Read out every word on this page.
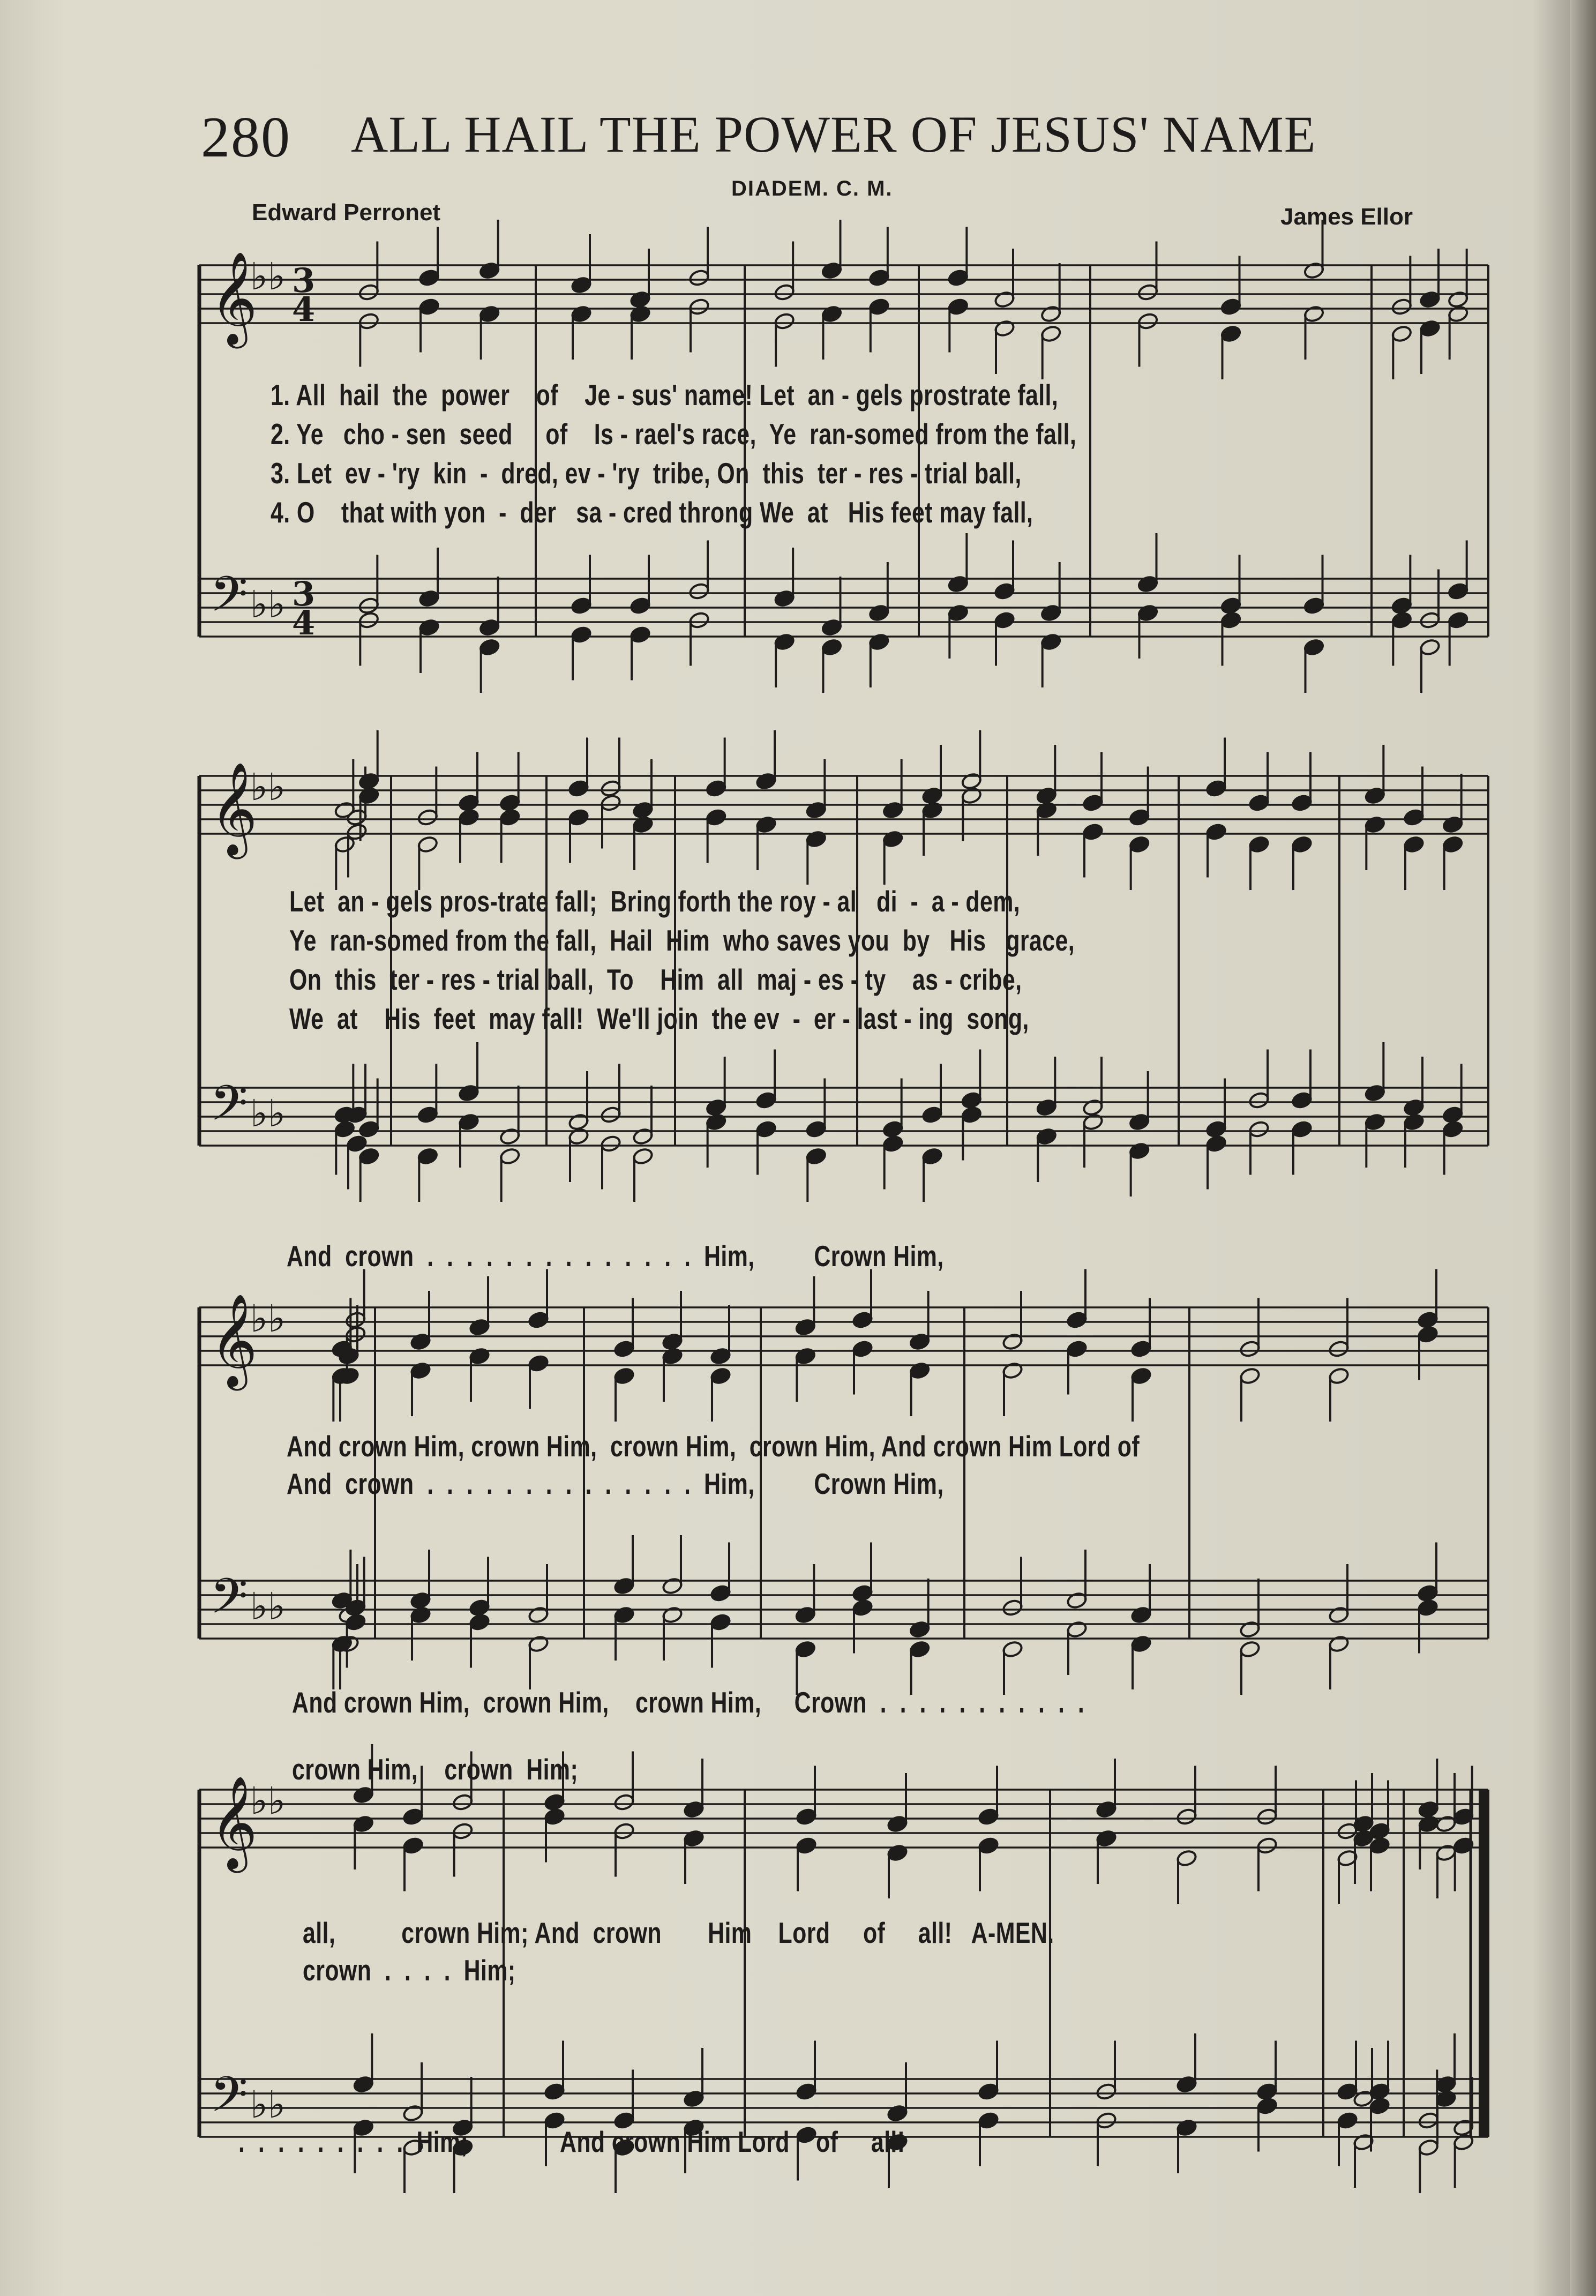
280 ALL HAIL THE POWER OF JESUS' NAME
DIADEM. C. M.
Edward Perronet	James Ellor
𝄞
♭♭
𝄢 ♭♭
𝄞
♭♭
𝄢 ♭♭
𝄞
♭♭
𝄢 ♭♭
𝄞
♭♭
𝄢 ♭♭
3
4
3
4
1. All  hail  the  power    of    Je - sus' name! Let  an - gels prostrate fall,
2. Ye   cho - sen  seed     of    Is - rael's race,  Ye  ran-somed from the fall,
3. Let  ev - 'ry  kin  -  dred, ev - 'ry  tribe, On  this  ter - res - trial ball,
4. O    that with yon  -  der   sa - cred throng We  at   His feet may fall,
Let  an - gels pros-trate fall;  Bring forth the roy - al   di  -  a - dem,
Ye  ran-somed from the fall,  Hail  Him  who saves you  by   His   grace,
On  this  ter - res - trial ball,  To    Him  all  maj - es - ty    as - cribe,
We  at    His  feet  may fall!  We'll join  the ev  -  er - last - ing  song,
And  crown  .  .  .  .  .  .  .  .  .  .  .  .  .  .  Him,         Crown Him,
And crown Him, crown Him,  crown Him,  crown Him, And crown Him Lord of
And  crown  .  .  .  .  .  .  .  .  .  .  .  .  .  .  Him,         Crown Him,
And crown Him,  crown Him,    crown Him,     Crown  .  .  .  .  .  .  .  .  .  .  .
crown Him,    crown  Him;
all,          crown Him; And  crown       Him    Lord     of     all!   A-MEN.
crown  .  .  .  .  Him;
.  .  .  .  .  .  .  .  .  Him;              And crown Him Lord    of     all!
